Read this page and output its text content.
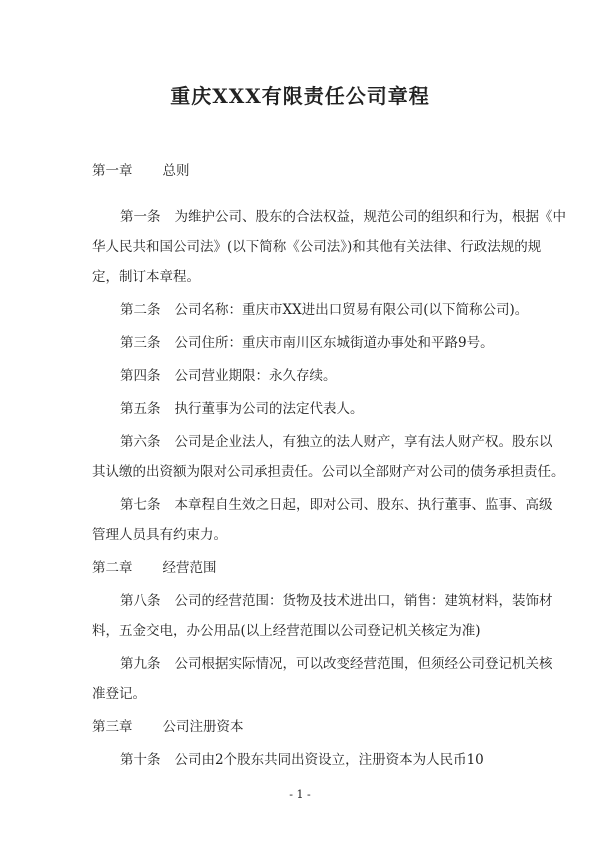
重庆XXX有限责任公司章程
第一章 总则
第一条 为维护公司、股东的合法权益，规范公司的组织和行为，根据《中
华人民共和国公司法》(以下简称《公司法》)和其他有关法律、行政法规的规
定，制订本章程。
第二条 公司名称：重庆市XX进出口贸易有限公司(以下简称公司)。
第三条 公司住所：重庆市南川区东城街道办事处和平路9号。
第四条 公司营业期限：永久存续。
第五条 执行董事为公司的法定代表人。
第六条 公司是企业法人，有独立的法人财产，享有法人财产权。股东以
其认缴的出资额为限对公司承担责任。公司以全部财产对公司的债务承担责任。
第七条 本章程自生效之日起，即对公司、股东、执行董事、监事、高级
管理人员具有约束力。
第二章 经营范围
第八条 公司的经营范围：货物及技术进出口，销售：建筑材料，装饰材
料，五金交电，办公用品(以上经营范围以公司登记机关核定为准)
第九条 公司根据实际情况，可以改变经营范围，但须经公司登记机关核
准登记。
第三章 公司注册资本
第十条 公司由2个股东共同出资设立，注册资本为人民币10
- 1 -
